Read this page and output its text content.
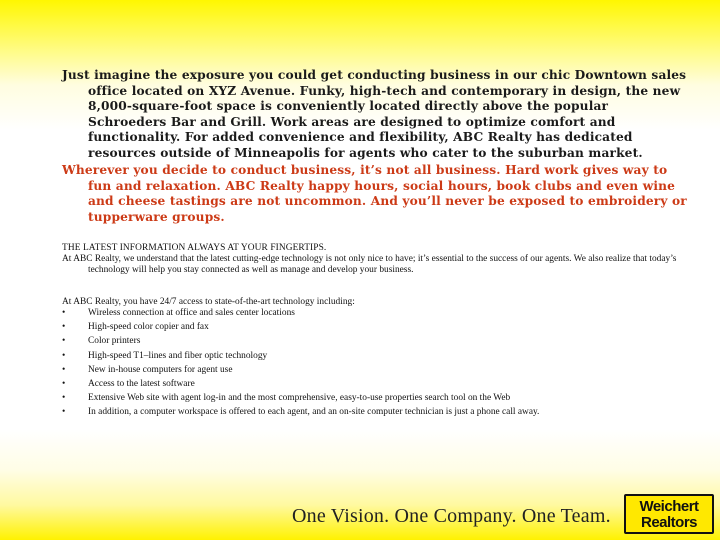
Just imagine the exposure you could get conducting business in our chic Downtown sales office located on XYZ Avenue. Funky, high-tech and contemporary in design, the new 8,000-square-foot space is conveniently located directly above the popular Schroeders Bar and Grill. Work areas are designed to optimize comfort and functionality. For added convenience and flexibility, ABC Realty has dedicated resources outside of Minneapolis for agents who cater to the suburban market.

Wherever you decide to conduct business, it’s not all business. Hard work gives way to fun and relaxation. ABC Realty happy hours, social hours, book clubs and even wine and cheese tastings are not uncommon. And you’ll never be exposed to embroidery or tupperware groups.

THE LATEST INFORMATION ALWAYS AT YOUR FINGERTIPS.

At ABC Realty, we understand that the latest cutting-edge technology is not only nice to have; it’s essential to the success of our agents. We also realize that today’s technology will help you stay connected as well as manage and develop your business.

At ABC Realty, you have 24/7 access to state-of-the-art technology including:

• Wireless connection at office and sales center locations
• High-speed color copier and fax
• Color printers
• High-speed T1–lines and fiber optic technology
• New in-house computers for agent use
• Access to the latest software
• Extensive Web site with agent log-in and the most comprehensive, easy-to-use properties search tool on the Web
• In addition, a computer workspace is offered to each agent, and an on-site computer technician is just a phone call away.

One Vision. One Company. One Team.	Weichert
Realtors
